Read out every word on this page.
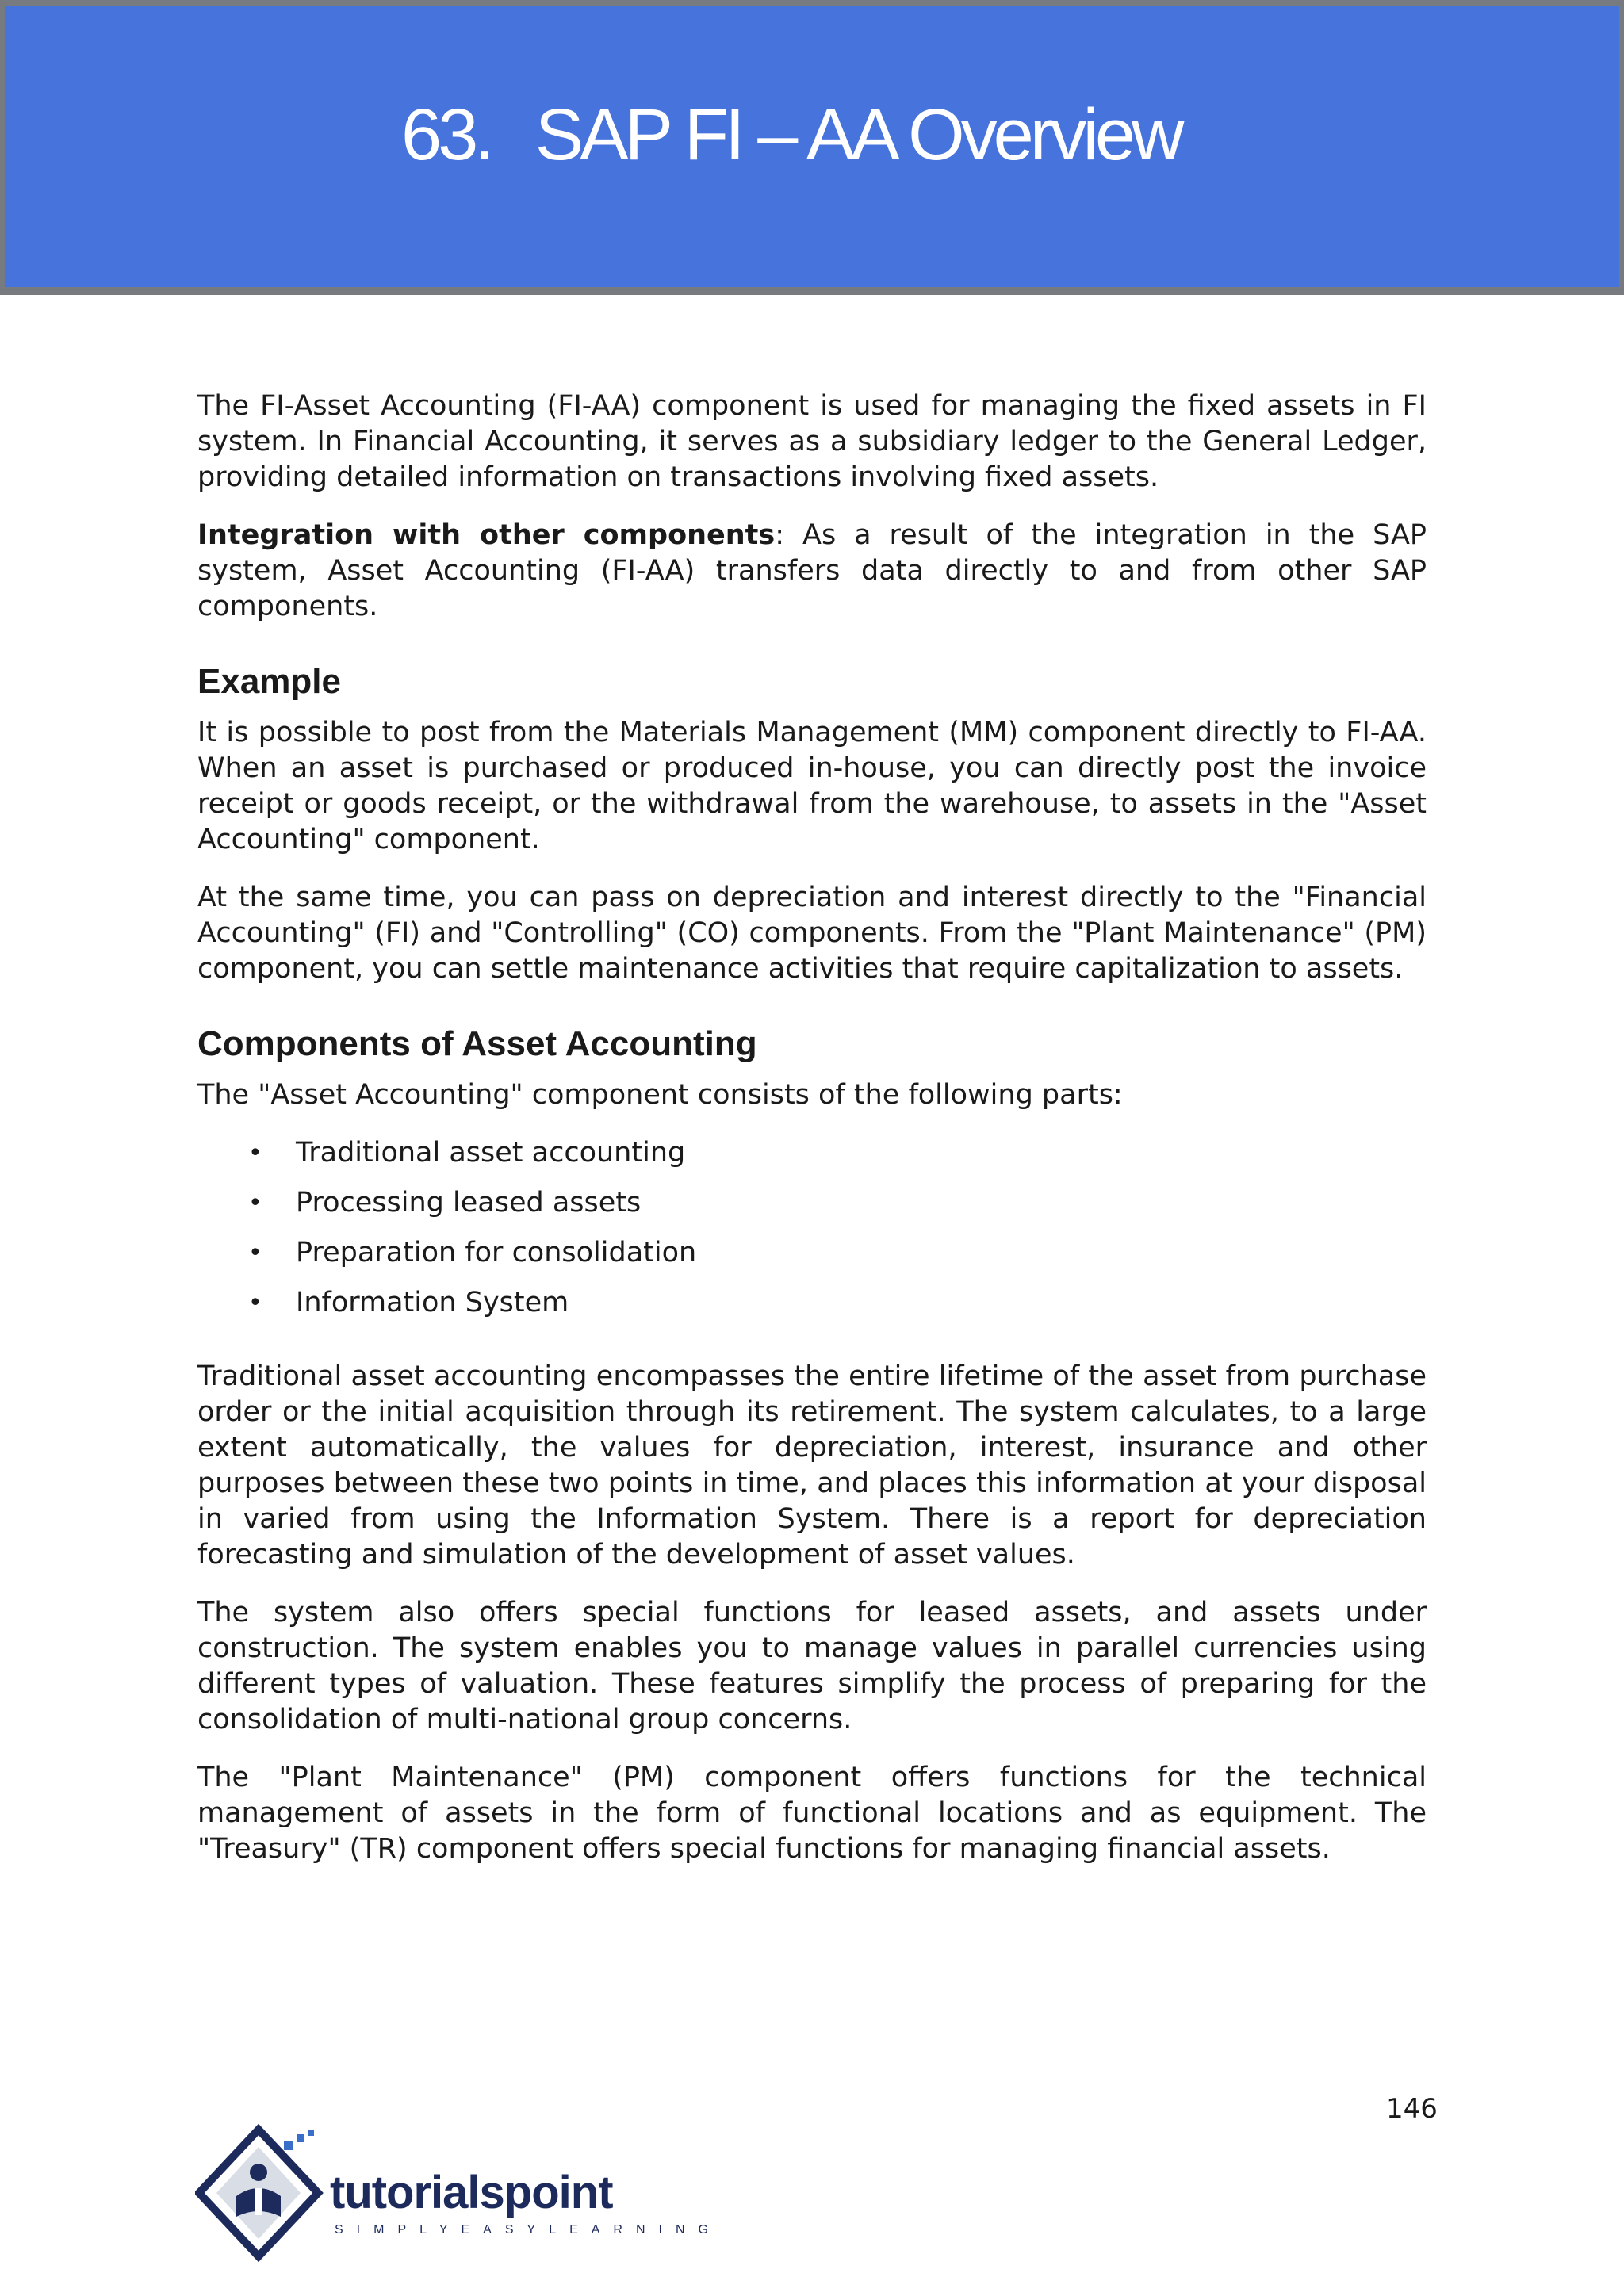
63. SAP FI – AA Overview

The FI-Asset Accounting (FI-AA) component is used for managing the fixed assets in FI system. In Financial Accounting, it serves as a subsidiary ledger to the General Ledger, providing detailed information on transactions involving fixed assets.

Integration with other components: As a result of the integration in the SAP system, Asset Accounting (FI-AA) transfers data directly to and from other SAP components.

Example

It is possible to post from the Materials Management (MM) component directly to FI-AA. When an asset is purchased or produced in-house, you can directly post the invoice receipt or goods receipt, or the withdrawal from the warehouse, to assets in the "Asset Accounting" component.

At the same time, you can pass on depreciation and interest directly to the "Financial Accounting" (FI) and "Controlling" (CO) components. From the "Plant Maintenance" (PM) component, you can settle maintenance activities that require capitalization to assets.

Components of Asset Accounting

The "Asset Accounting" component consists of the following parts:

• Traditional asset accounting
• Processing leased assets
• Preparation for consolidation
• Information System

Traditional asset accounting encompasses the entire lifetime of the asset from purchase order or the initial acquisition through its retirement. The system calculates, to a large extent automatically, the values for depreciation, interest, insurance and other purposes between these two points in time, and places this information at your disposal in varied from using the Information System. There is a report for depreciation forecasting and simulation of the development of asset values.

The system also offers special functions for leased assets, and assets under construction. The system enables you to manage values in parallel currencies using different types of valuation. These features simplify the process of preparing for the consolidation of multi-national group concerns.

The "Plant Maintenance" (PM) component offers functions for the technical management of assets in the form of functional locations and as equipment. The "Treasury" (TR) component offers special functions for managing financial assets.

146
tutorialspoint
SIMPLYEASYLEARNING
